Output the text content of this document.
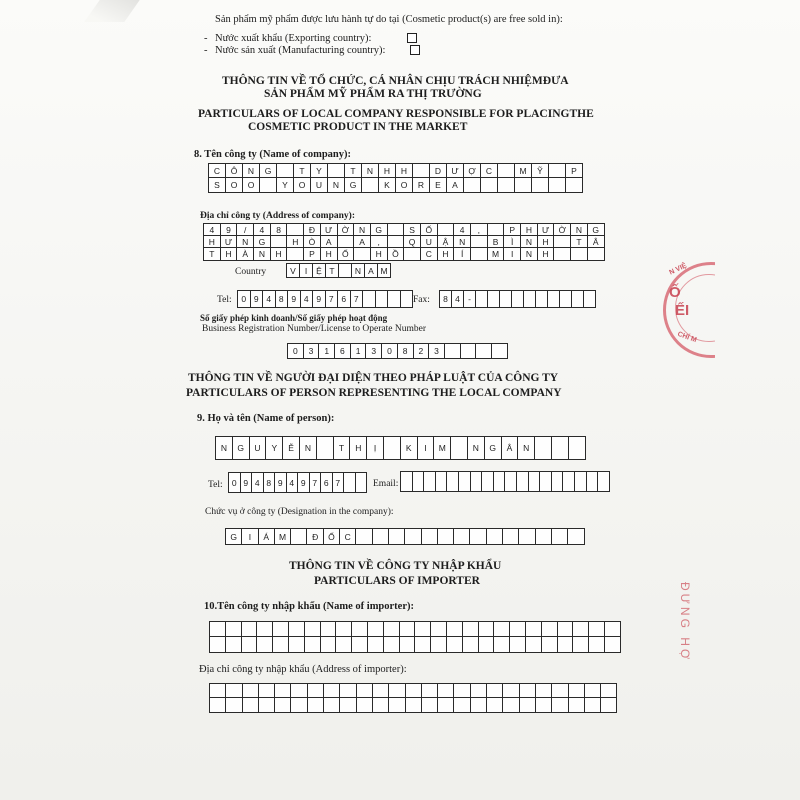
Sản phẩm mỹ phẩm được lưu hành tự do tại (Cosmetic product(s) are free sold in):
- Nước xuất khẩu (Exporting country):
- Nước sản xuất (Manufacturing country):
THÔNG TIN VỀ TỔ CHỨC, CÁ NHÂN CHỊU TRÁCH NHIỆMĐƯA
SẢN PHẨM MỸ PHẨM RA THỊ TRƯỜNG
PARTICULARS OF LOCAL COMPANY RESPONSIBLE FOR PLACINGTHE
COSMETIC PRODUCT IN THE MARKET
8. Tên công ty (Name of company):
C	Ô	N	G	T	Y	T	N	H	H	D	Ư	Ợ	C	M	Ỹ	P
S	O	O	Y	O	U	N	G	K	O	R	E	A
Địa chỉ công ty (Address of company):
4	9	/	4	8	Đ	Ư	Ờ	N	G	S	Ố	4	,	P	H	Ư	Ờ	N	G
H	Ư	N	G	H	Ò	A	A	,	Q	U	Ậ	N	B	Ì	N	H	T	Â
T	H	À	N	H	P	H	Ố	H	Ồ	C	H	Í	M	I	N	H
Country	V	I	Ệ T	N A M
Tel:	0 9 4 8 9 4 9 7 6 7	Fax:	8 4 -
Số giấy phép kinh doanh/Số giấy phép hoạt động
Business Registration Number/License to Operate Number
0	3	1	6	1	3	0	8	2	3
THÔNG TIN VỀ NGƯỜI ĐẠI DIỆN THEO PHÁP LUẬT CỦA CÔNG TY
PARTICULARS OF PERSON REPRESENTING THE LOCAL COMPANY
9. Họ và tên (Name of person):
N	G	U	Y	Ễ	N	T	H	Ị	K	I	M	N	G	Â	N
Tel:	0 9 4 8 9 4 9 7 6 7	Email:
Chức vụ ở công ty (Designation in the company):
G	I	Á	M	Đ	Ố	C
THÔNG TIN VỀ CÔNG TY NHẬP KHẨU
PARTICULARS OF IMPORTER
10.Tên công ty nhập khẩu (Name of importer):
Địa chỉ công ty nhập khẩu (Address of importer):
N VIỆ
Ố
ẾI
CHÍ M
ĐƯNG HỢ
